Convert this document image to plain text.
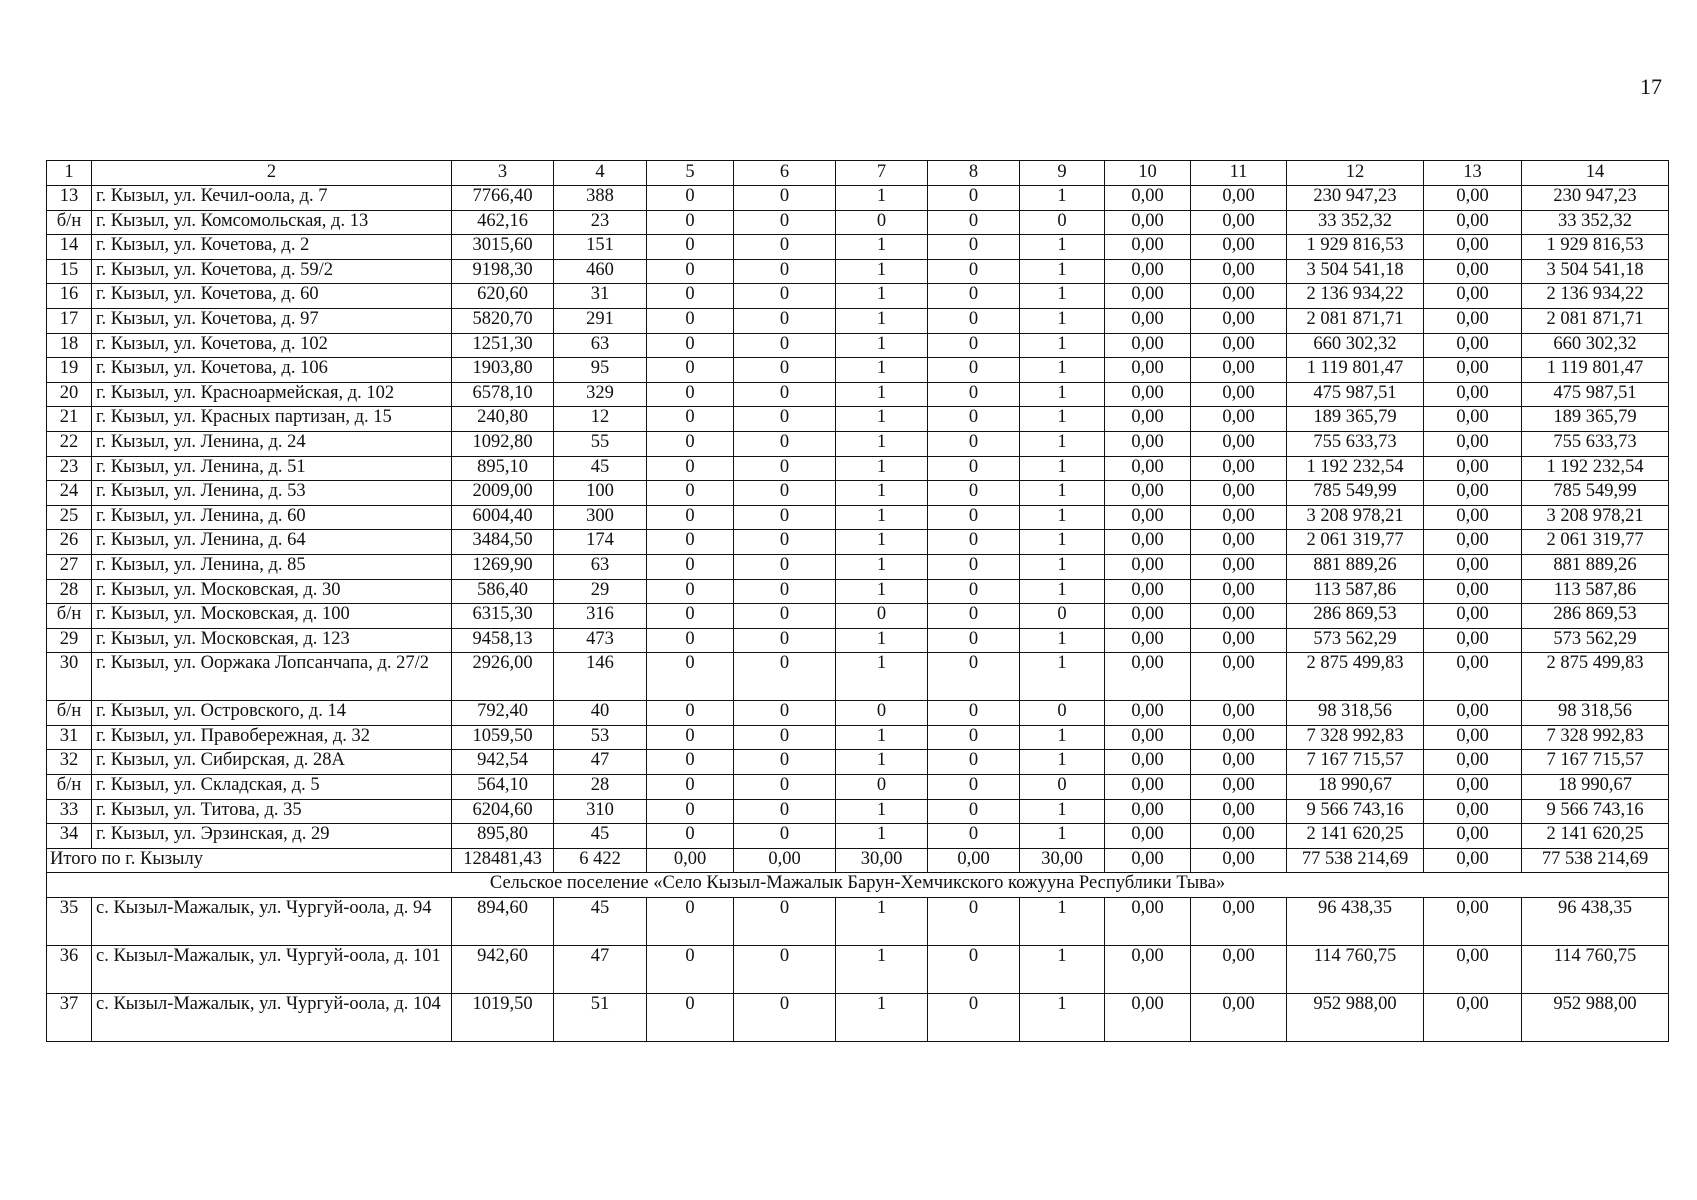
17
1	2	3	4	5	6	7	8	9	10	11	12	13	14
13	г. Кызыл, ул. Кечил-оола, д. 7	7766,40	388	0	0	1	0	1	0,00	0,00	230 947,23	0,00	230 947,23
б/н	г. Кызыл, ул. Комсомольская, д. 13	462,16	23	0	0	0	0	0	0,00	0,00	33 352,32	0,00	33 352,32
14	г. Кызыл, ул. Кочетова, д. 2	3015,60	151	0	0	1	0	1	0,00	0,00	1 929 816,53	0,00	1 929 816,53
15	г. Кызыл, ул. Кочетова, д. 59/2	9198,30	460	0	0	1	0	1	0,00	0,00	3 504 541,18	0,00	3 504 541,18
16	г. Кызыл, ул. Кочетова, д. 60	620,60	31	0	0	1	0	1	0,00	0,00	2 136 934,22	0,00	2 136 934,22
17	г. Кызыл, ул. Кочетова, д. 97	5820,70	291	0	0	1	0	1	0,00	0,00	2 081 871,71	0,00	2 081 871,71
18	г. Кызыл, ул. Кочетова, д. 102	1251,30	63	0	0	1	0	1	0,00	0,00	660 302,32	0,00	660 302,32
19	г. Кызыл, ул. Кочетова, д. 106	1903,80	95	0	0	1	0	1	0,00	0,00	1 119 801,47	0,00	1 119 801,47
20	г. Кызыл, ул. Красноармейская, д. 102	6578,10	329	0	0	1	0	1	0,00	0,00	475 987,51	0,00	475 987,51
21	г. Кызыл, ул. Красных партизан, д. 15	240,80	12	0	0	1	0	1	0,00	0,00	189 365,79	0,00	189 365,79
22	г. Кызыл, ул. Ленина, д. 24	1092,80	55	0	0	1	0	1	0,00	0,00	755 633,73	0,00	755 633,73
23	г. Кызыл, ул. Ленина, д. 51	895,10	45	0	0	1	0	1	0,00	0,00	1 192 232,54	0,00	1 192 232,54
24	г. Кызыл, ул. Ленина, д. 53	2009,00	100	0	0	1	0	1	0,00	0,00	785 549,99	0,00	785 549,99
25	г. Кызыл, ул. Ленина, д. 60	6004,40	300	0	0	1	0	1	0,00	0,00	3 208 978,21	0,00	3 208 978,21
26	г. Кызыл, ул. Ленина, д. 64	3484,50	174	0	0	1	0	1	0,00	0,00	2 061 319,77	0,00	2 061 319,77
27	г. Кызыл, ул. Ленина, д. 85	1269,90	63	0	0	1	0	1	0,00	0,00	881 889,26	0,00	881 889,26
28	г. Кызыл, ул. Московская, д. 30	586,40	29	0	0	1	0	1	0,00	0,00	113 587,86	0,00	113 587,86
б/н	г. Кызыл, ул. Московская, д. 100	6315,30	316	0	0	0	0	0	0,00	0,00	286 869,53	0,00	286 869,53
29	г. Кызыл, ул. Московская, д. 123	9458,13	473	0	0	1	0	1	0,00	0,00	573 562,29	0,00	573 562,29
30	г. Кызыл, ул. Ооржака Лопсанчапа, д. 27/2	2926,00	146	0	0	1	0	1	0,00	0,00	2 875 499,83	0,00	2 875 499,83
б/н	г. Кызыл, ул. Островского, д. 14	792,40	40	0	0	0	0	0	0,00	0,00	98 318,56	0,00	98 318,56
31	г. Кызыл, ул. Правобережная, д. 32	1059,50	53	0	0	1	0	1	0,00	0,00	7 328 992,83	0,00	7 328 992,83
32	г. Кызыл, ул. Сибирская, д. 28А	942,54	47	0	0	1	0	1	0,00	0,00	7 167 715,57	0,00	7 167 715,57
б/н	г. Кызыл, ул. Складская, д. 5	564,10	28	0	0	0	0	0	0,00	0,00	18 990,67	0,00	18 990,67
33	г. Кызыл, ул. Титова, д. 35	6204,60	310	0	0	1	0	1	0,00	0,00	9 566 743,16	0,00	9 566 743,16
34	г. Кызыл, ул. Эрзинская, д. 29	895,80	45	0	0	1	0	1	0,00	0,00	2 141 620,25	0,00	2 141 620,25
Итого по г. Кызылу		128481,43	6 422	0,00	0,00	30,00	0,00	30,00	0,00	0,00	77 538 214,69	0,00	77 538 214,69
Сельское поселение «Село Кызыл-Мажалык Барун-Хемчикского кожууна Республики Тыва»													
35	с. Кызыл-Мажалык, ул. Чургуй-оола, д. 94	894,60	45	0	0	1	0	1	0,00	0,00	96 438,35	0,00	96 438,35
36	с. Кызыл-Мажалык, ул. Чургуй-оола, д. 101	942,60	47	0	0	1	0	1	0,00	0,00	114 760,75	0,00	114 760,75
37	с. Кызыл-Мажалык, ул. Чургуй-оола, д. 104	1019,50	51	0	0	1	0	1	0,00	0,00	952 988,00	0,00	952 988,00
